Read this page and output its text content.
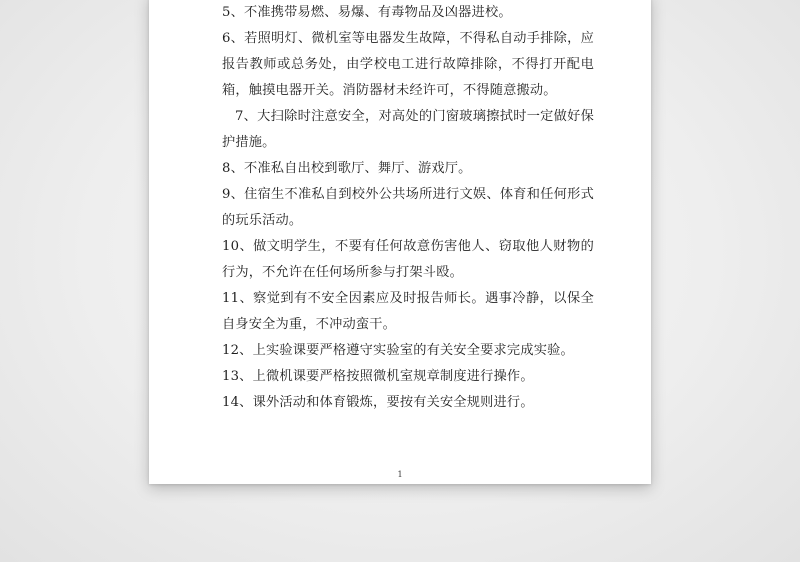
5、不准携带易燃、易爆、有毒物品及凶器进校。

6、若照明灯、微机室等电器发生故障，不得私自动手排除，应报告教师或总务处，由学校电工进行故障排除，不得打开配电箱，触摸电器开关。消防器材未经许可，不得随意搬动。

7、大扫除时注意安全，对高处的门窗玻璃擦拭时一定做好保护措施。

8、不准私自出校到歌厅、舞厅、游戏厅。

9、住宿生不准私自到校外公共场所进行文娱、体育和任何形式的玩乐活动。

10、做文明学生，不要有任何故意伤害他人、窃取他人财物的行为，不允许在任何场所参与打架斗殴。

11、察觉到有不安全因素应及时报告师长。遇事冷静，以保全自身安全为重，不冲动蛮干。

12、上实验课要严格遵守实验室的有关安全要求完成实验。

13、上微机课要严格按照微机室规章制度进行操作。

14、课外活动和体育锻炼，要按有关安全规则进行。

1
